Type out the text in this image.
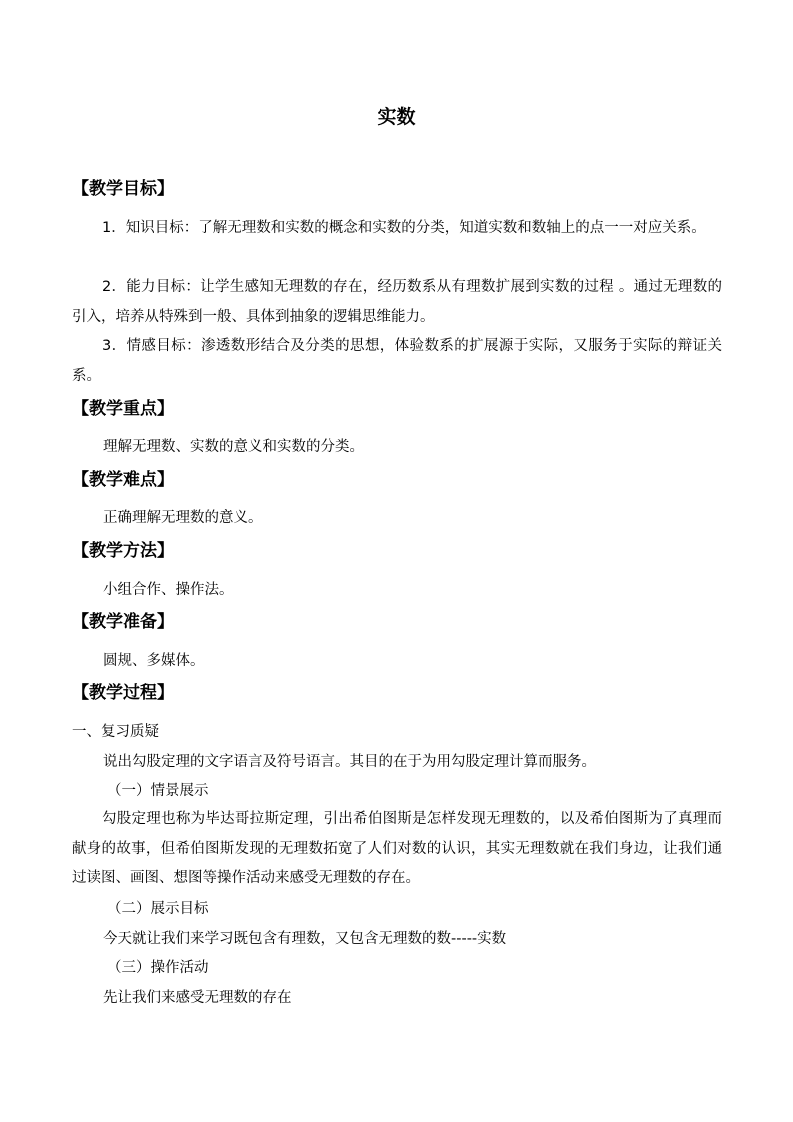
实数
【教学目标】

1．知识目标：了解无理数和实数的概念和实数的分类，知道实数和数轴上的点一一对应关系。

2．能力目标：让学生感知无理数的存在，经历数系从有理数扩展到实数的过程 。通过无理数的引入，培养从特殊到一般、具体到抽象的逻辑思维能力。

3．情感目标：渗透数形结合及分类的思想，体验数系的扩展源于实际，又服务于实际的辩证关系。

【教学重点】
理解无理数、实数的意义和实数的分类。
【教学难点】
正确理解无理数的意义。
【教学方法】
小组合作、操作法。
【教学准备】
圆规、多媒体。
【教学过程】
一、复习质疑
说出勾股定理的文字语言及符号语言。其目的在于为用勾股定理计算而服务。
（一）情景展示

勾股定理也称为毕达哥拉斯定理，引出希伯图斯是怎样发现无理数的，以及希伯图斯为了真理而献身的故事，但希伯图斯发现的无理数拓宽了人们对数的认识，其实无理数就在我们身边，让我们通过读图、画图、想图等操作活动来感受无理数的存在。

（二）展示目标
今天就让我们来学习既包含有理数，又包含无理数的数-----实数
（三）操作活动
先让我们来感受无理数的存在
